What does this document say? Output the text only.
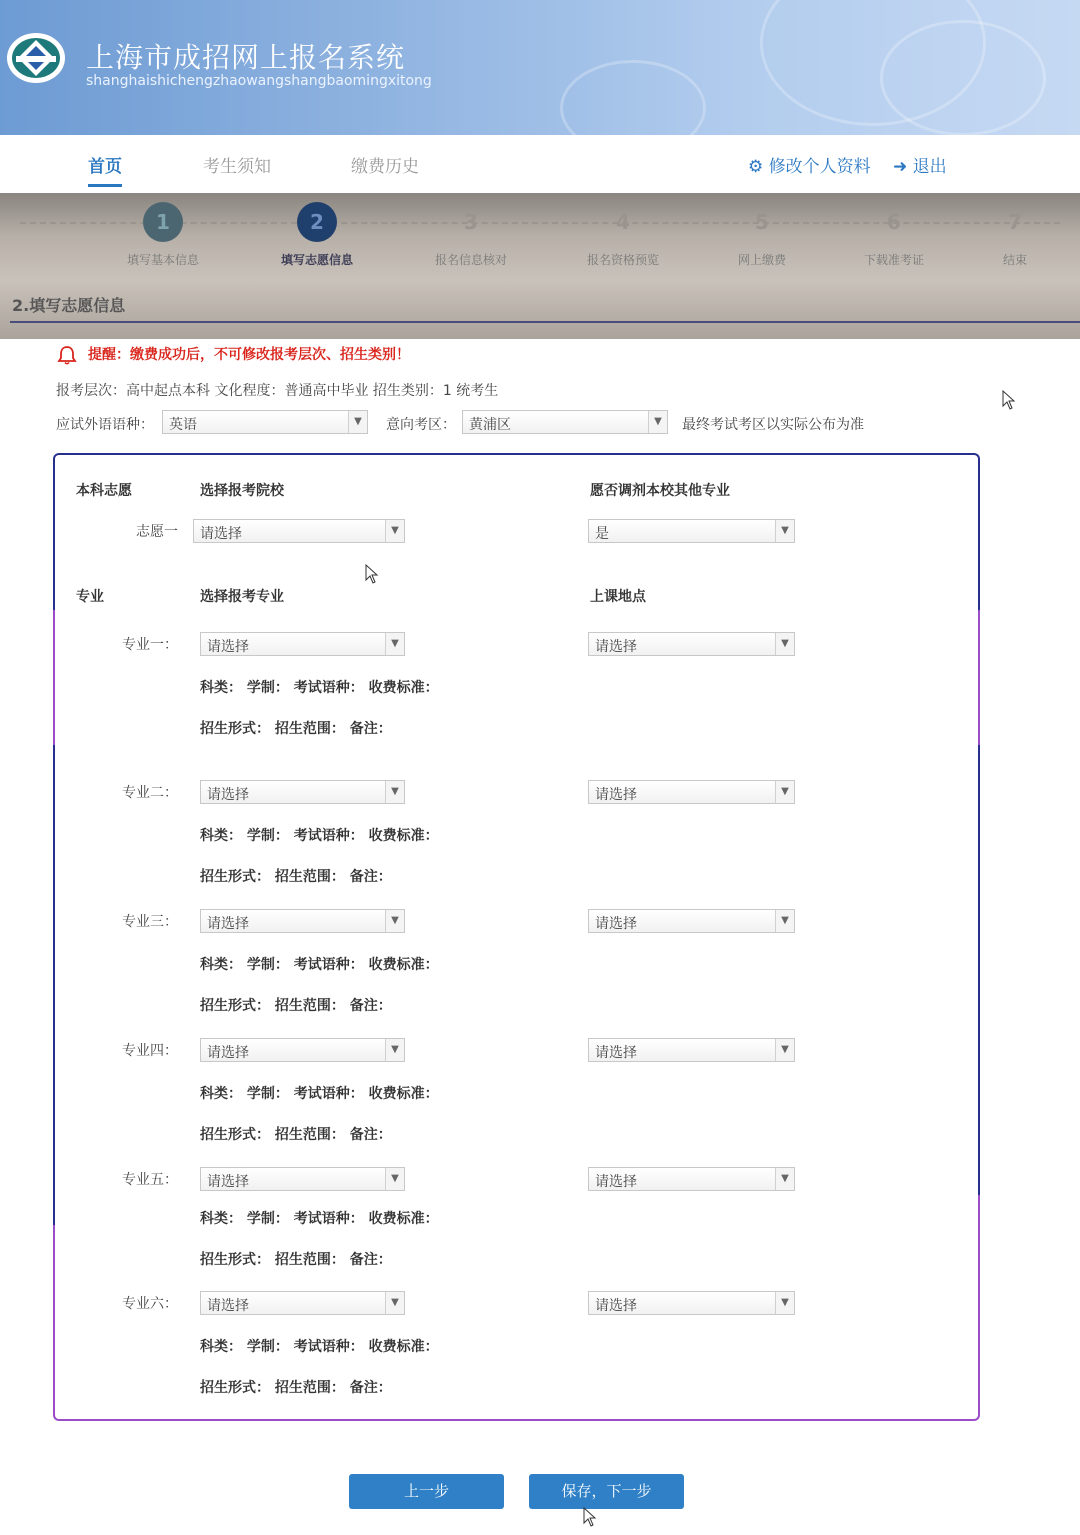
上海市成招网上报名系统
shanghaishichengzhaowangshangbaomingxitong
首页	考生须知	缴费历史	⚙ 修改个人资料 ➜ 退出
1
填写基本信息
2
填写志愿信息
3
报名信息核对
4
报名资格预览
5
网上缴费
6
下载准考证
7
结束
2.填写志愿信息
提醒：缴费成功后，不可修改报考层次、招生类别！
报考层次：高中起点本科 文化程度：普通高中毕业 招生类别：1 统考生
应试外语语种： 英语	▼	意向考区： 黄浦区	▼	最终考试考区以实际公布为准
本科志愿	选择报考院校	愿否调剂本校其他专业
志愿一 请选择	▼	是	▼
专业	选择报考专业	上课地点
专业一： 请选择	▼	请选择	▼
科类： 学制： 考试语种： 收费标准：
招生形式： 招生范围： 备注：
专业二： 请选择	▼	请选择	▼
科类： 学制： 考试语种： 收费标准：
招生形式： 招生范围： 备注：
专业三： 请选择	▼	请选择	▼
科类： 学制： 考试语种： 收费标准：
招生形式： 招生范围： 备注：
专业四： 请选择	▼	请选择	▼
科类： 学制： 考试语种： 收费标准：
招生形式： 招生范围： 备注：
专业五： 请选择	▼	请选择	▼
科类： 学制： 考试语种： 收费标准：
招生形式： 招生范围： 备注：
专业六： 请选择	▼	请选择	▼
科类： 学制： 考试语种： 收费标准：
招生形式： 招生范围： 备注：
上一步	保存，下一步
